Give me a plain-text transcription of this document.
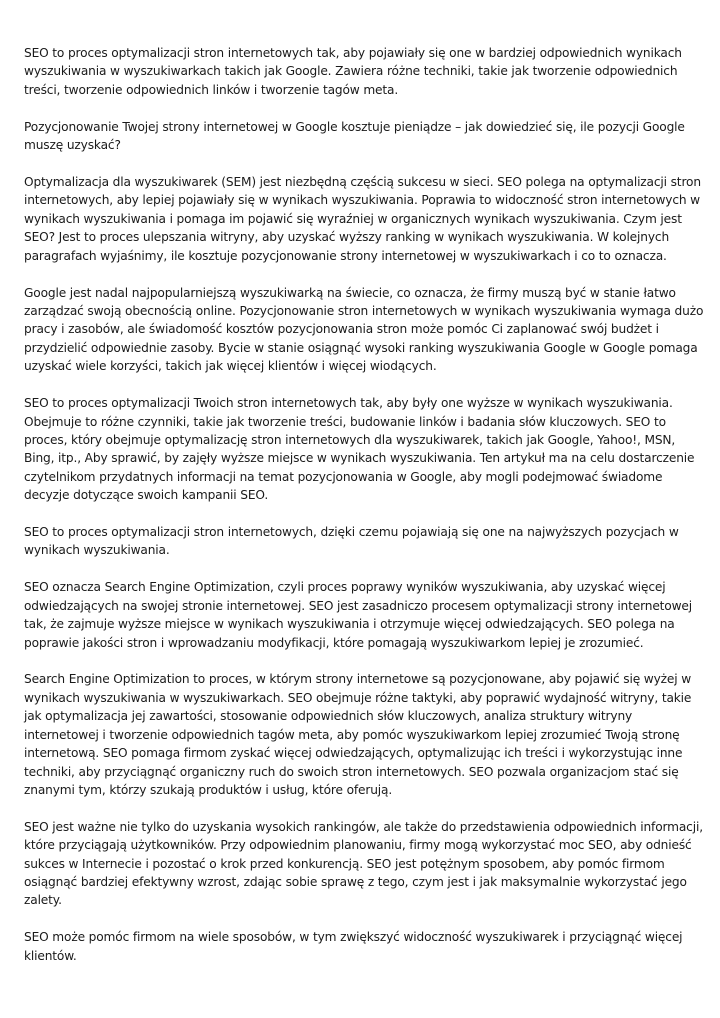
SEO to proces optymalizacji stron internetowych tak, aby pojawiały się one w bardziej odpowiednich wynikach wyszukiwania w wyszukiwarkach takich jak Google. Zawiera różne techniki, takie jak tworzenie odpowiednich treści, tworzenie odpowiednich linków i tworzenie tagów meta.

Pozycjonowanie Twojej strony internetowej w Google kosztuje pieniądze – jak dowiedzieć się, ile pozycji Google muszę uzyskać?

Optymalizacja dla wyszukiwarek (SEM) jest niezbędną częścią sukcesu w sieci. SEO polega na optymalizacji stron internetowych, aby lepiej pojawiały się w wynikach wyszukiwania. Poprawia to widoczność stron internetowych w wynikach wyszukiwania i pomaga im pojawić się wyraźniej w organicznych wynikach wyszukiwania. Czym jest SEO? Jest to proces ulepszania witryny, aby uzyskać wyższy ranking w wynikach wyszukiwania. W kolejnych paragrafach wyjaśnimy, ile kosztuje pozycjonowanie strony internetowej w wyszukiwarkach i co to oznacza.

Google jest nadal najpopularniejszą wyszukiwarką na świecie, co oznacza, że firmy muszą być w stanie łatwo zarządzać swoją obecnością online. Pozycjonowanie stron internetowych w wynikach wyszukiwania wymaga dużo pracy i zasobów, ale świadomość kosztów pozycjonowania stron może pomóc Ci zaplanować swój budżet i przydzielić odpowiednie zasoby. Bycie w stanie osiągnąć wysoki ranking wyszukiwania Google w Google pomaga uzyskać wiele korzyści, takich jak więcej klientów i więcej wiodących.

SEO to proces optymalizacji Twoich stron internetowych tak, aby były one wyższe w wynikach wyszukiwania. Obejmuje to różne czynniki, takie jak tworzenie treści, budowanie linków i badania słów kluczowych. SEO to proces, który obejmuje optymalizację stron internetowych dla wyszukiwarek, takich jak Google, Yahoo!, MSN, Bing, itp., Aby sprawić, by zajęły wyższe miejsce w wynikach wyszukiwania. Ten artykuł ma na celu dostarczenie czytelnikom przydatnych informacji na temat pozycjonowania w Google, aby mogli podejmować świadome decyzje dotyczące swoich kampanii SEO.

SEO to proces optymalizacji stron internetowych, dzięki czemu pojawiają się one na najwyższych pozycjach w wynikach wyszukiwania.

SEO oznacza Search Engine Optimization, czyli proces poprawy wyników wyszukiwania, aby uzyskać więcej odwiedzających na swojej stronie internetowej. SEO jest zasadniczo procesem optymalizacji strony internetowej tak, że zajmuje wyższe miejsce w wynikach wyszukiwania i otrzymuje więcej odwiedzających. SEO polega na poprawie jakości stron i wprowadzaniu modyfikacji, które pomagają wyszukiwarkom lepiej je zrozumieć.

Search Engine Optimization to proces, w którym strony internetowe są pozycjonowane, aby pojawić się wyżej w wynikach wyszukiwania w wyszukiwarkach. SEO obejmuje różne taktyki, aby poprawić wydajność witryny, takie jak optymalizacja jej zawartości, stosowanie odpowiednich słów kluczowych, analiza struktury witryny internetowej i tworzenie odpowiednich tagów meta, aby pomóc wyszukiwarkom lepiej zrozumieć Twoją stronę internetową. SEO pomaga firmom zyskać więcej odwiedzających, optymalizując ich treści i wykorzystując inne techniki, aby przyciągnąć organiczny ruch do swoich stron internetowych. SEO pozwala organizacjom stać się znanymi tym, którzy szukają produktów i usług, które oferują.

SEO jest ważne nie tylko do uzyskania wysokich rankingów, ale także do przedstawienia odpowiednich informacji, które przyciągają użytkowników. Przy odpowiednim planowaniu, firmy mogą wykorzystać moc SEO, aby odnieść sukces w Internecie i pozostać o krok przed konkurencją. SEO jest potężnym sposobem, aby pomóc firmom osiągnąć bardziej efektywny wzrost, zdając sobie sprawę z tego, czym jest i jak maksymalnie wykorzystać jego zalety.

SEO może pomóc firmom na wiele sposobów, w tym zwiększyć widoczność wyszukiwarek i przyciągnąć więcej klientów.
